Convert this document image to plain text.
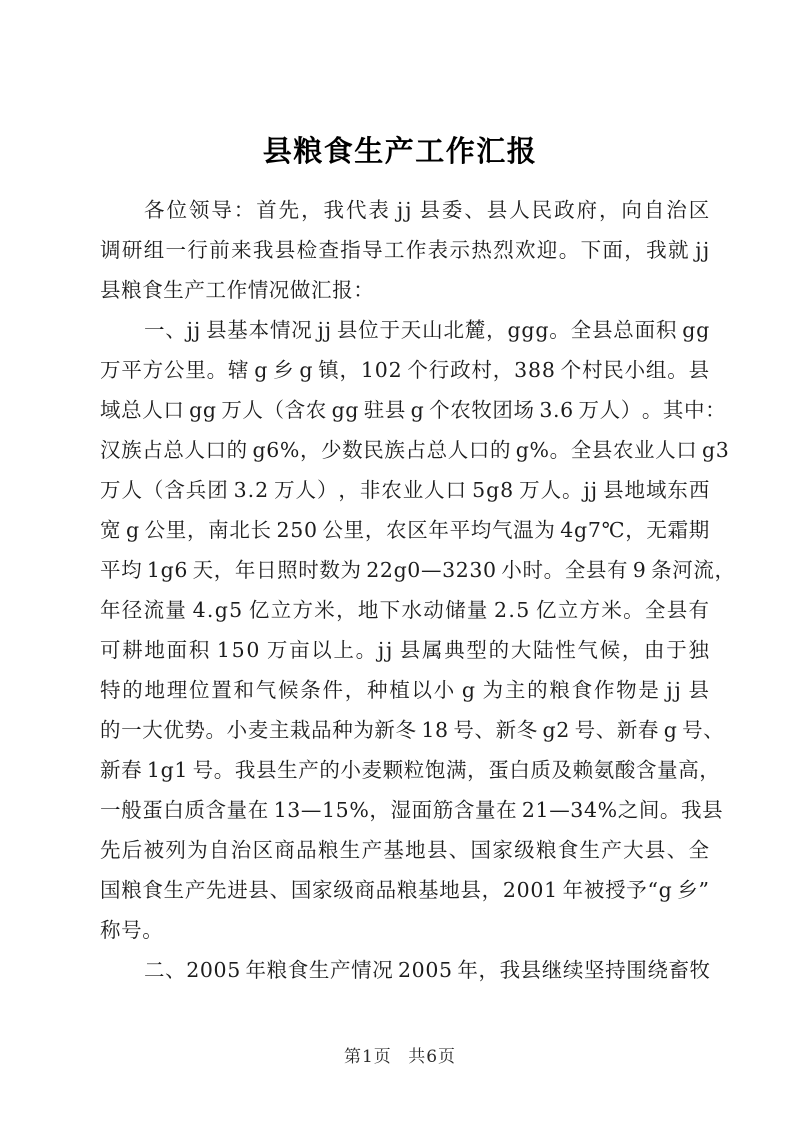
县粮食生产工作汇报
各 位 领 导 ： 首 先 ， 我 代 表
  j j
  县 委 、 县 人 民 政 府 ， 向 自 治 区
调 研 组 一 行 前 来 我 县 检 查 指 导 工 作 表 示 热 烈 欢 迎 。 下 面 ， 我 就
  j j
县粮食生产工作情况做汇报：
一 、 j j
  县 基 本 情 况
  j j
  县 位 于 天 山 北 麓 ， g g g 。 全 县 总 面 积
  g g
万 平 方 公 里 。 辖
  g
  乡
  g
  镇 ， 1 0 2
  个 行 政 村 ， 3 8 8
  个 村 民 小 组 。 县
域 总 人 口
  g g
  万 人 （ 含 农
  g g
  驻 县
  g
  个 农 牧 团 场
  3 . 6
  万 人 ） 。 其 中 ：
汉 族 占 总 人 口 的
  g 6 % ， 少 数 民 族 占 总 人 口 的
  g % 。 全 县 农 业 人 口
  g 3
万 人 （ 含 兵 团
  3 . 2
  万 人 ） ， 非 农 业 人 口
  5 g 8
  万 人 。 j j
  县 地 域 东 西
宽
  g
  公 里 ， 南 北 长
  2 5 0
  公 里 ， 农 区 年 平 均 气 温 为
  4 g 7 ℃ ， 无 霜 期
平 均
  1 g 6
  天 ， 年 日 照 时 数 为
  2 2 g 0 — 3 2 3 0
  小 时 。 全 县 有
  9
  条 河 流 ，
年 径 流 量
  4 . g 5
  亿 立 方 米 ， 地 下 水 动 储 量
  2 . 5
  亿 立 方 米 。 全 县 有
可 耕 地 面 积
  1 5 0
  万 亩 以 上 。 j j
  县 属 典 型 的 大 陆 性 气 候 ， 由 于 独
特 的 地 理 位 置 和 气 候 条 件 ， 种 植 以 小
  g
  为 主 的 粮 食 作 物 是
  j j
  县
的 一 大 优 势 。 小 麦 主 栽 品 种 为 新 冬
  1 8
  号 、 新 冬
  g 2
  号 、 新 春
  g
  号 、
新 春
  1 g 1
  号 。 我 县 生 产 的 小 麦 颗 粒 饱 满 ， 蛋 白 质 及 赖 氨 酸 含 量 高 ，
一 般 蛋 白 质 含 量 在
  1 3 — 1 5 % ， 湿 面 筋 含 量 在
  2 1 — 3 4 % 之 间 。 我 县
先 后 被 列 为 自 治 区 商 品 粮 生 产 基 地 县 、 国 家 级 粮 食 生 产 大 县 、 全
国 粮 食 生 产 先 进 县 、 国 家 级 商 品 粮 基 地 县 ， 2 0 0 1
  年 被 授 予 “ g
  乡 ”
称号。
二 、 2 0 0 5
  年 粮 食 生 产 情 况
  2 0 0 5
  年 ， 我 县 继 续 坚 持 围 绕 畜 牧
第1页 共6页
